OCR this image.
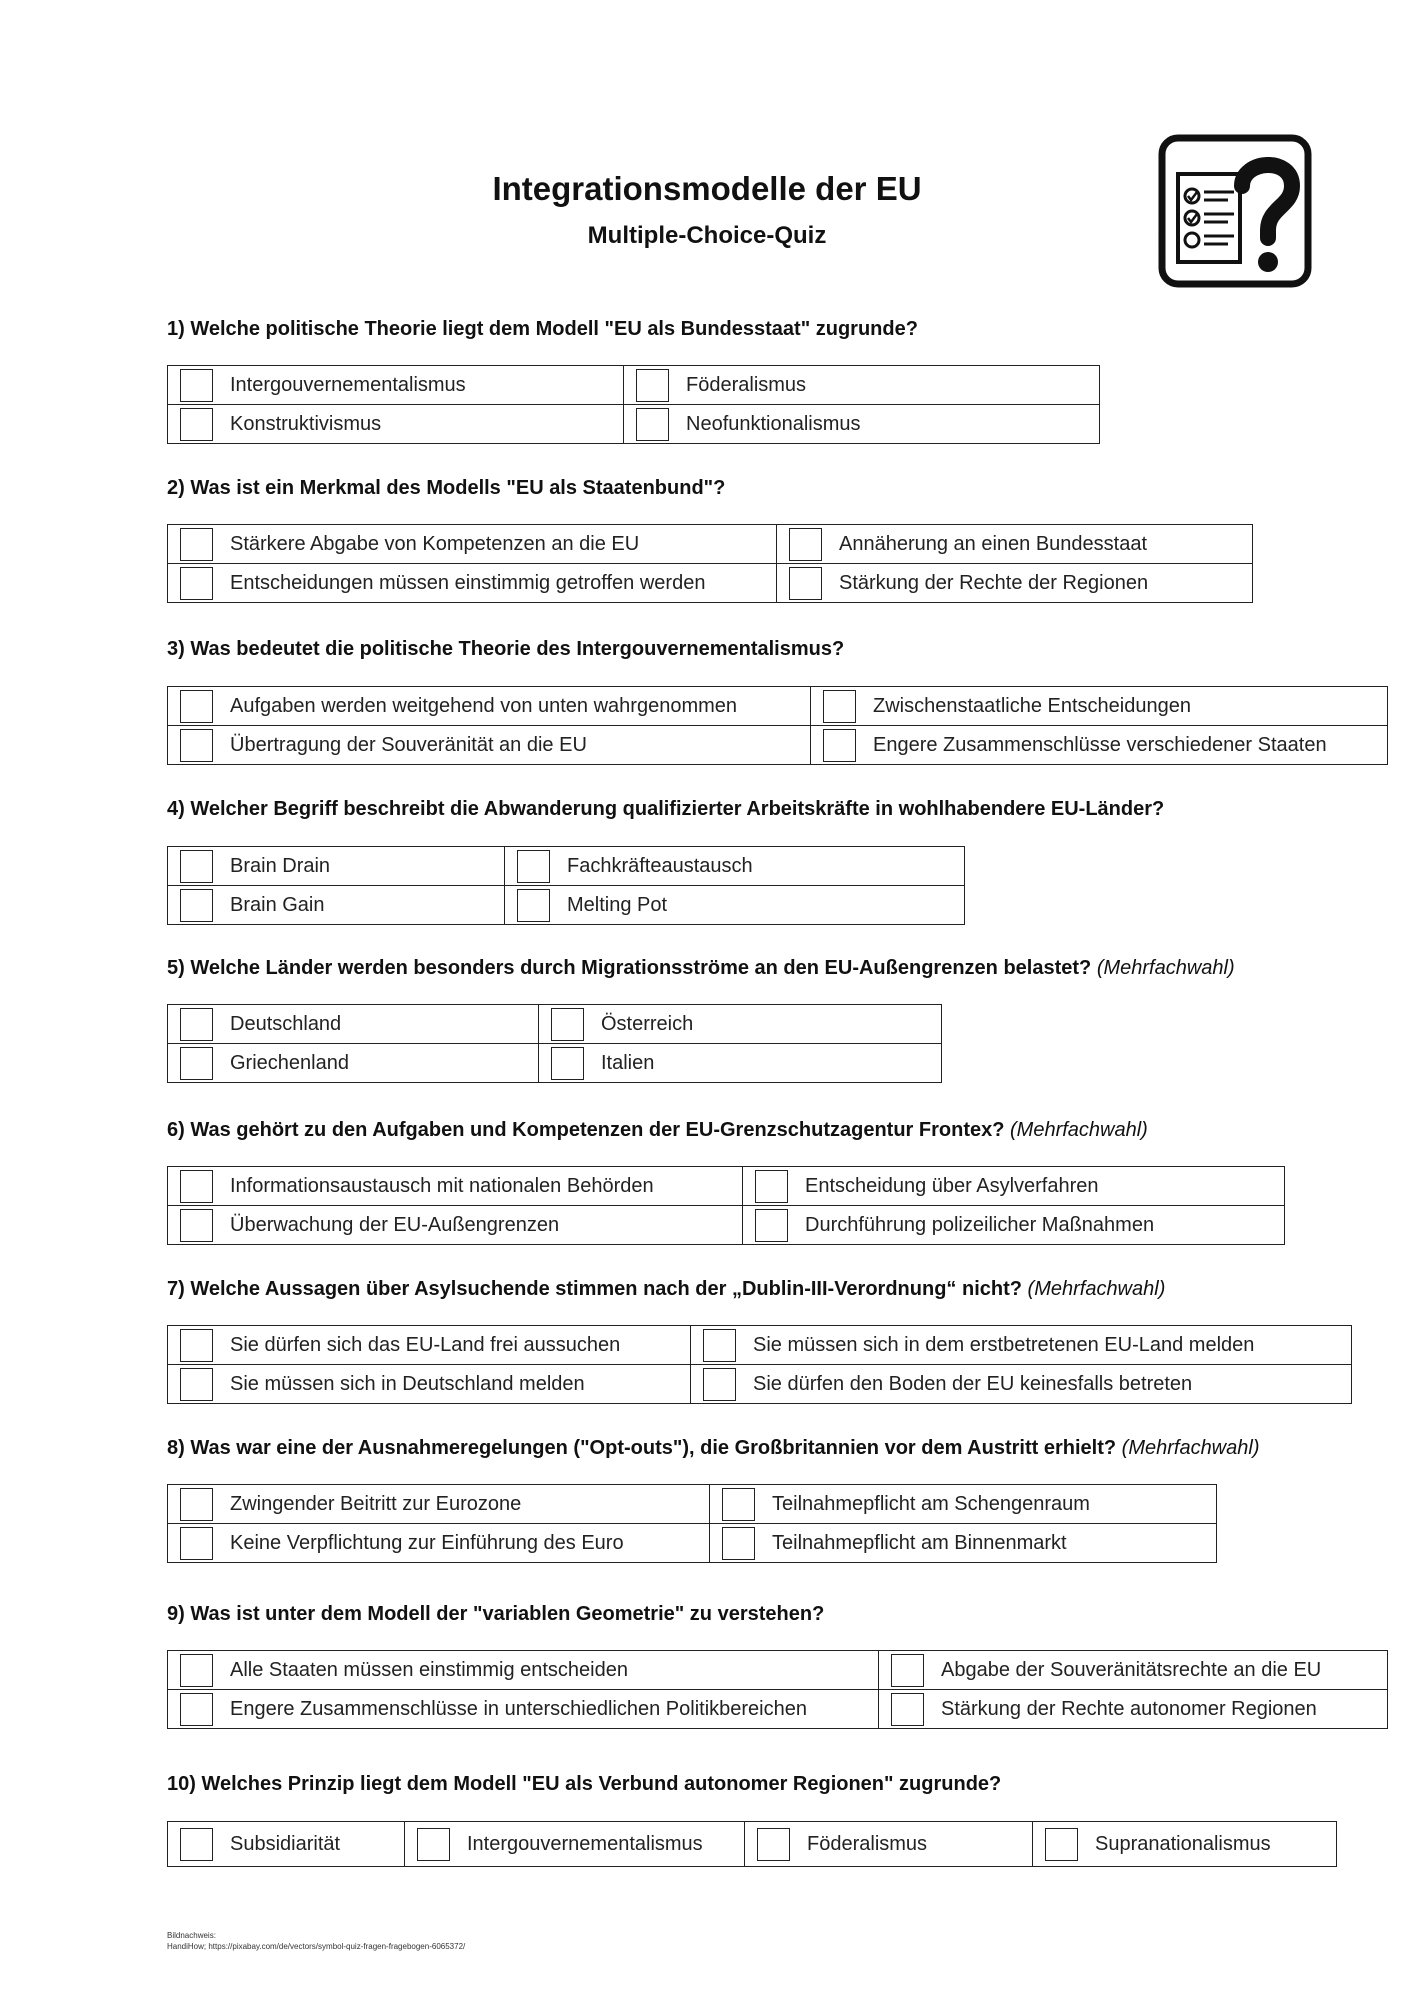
Integrationsmodelle der EU
Multiple-Choice-Quiz
1) Welche politische Theorie liegt dem Modell "EU als Bundesstaat" zugrunde?
Intergouvernementalismus	Föderalismus
Konstruktivismus	Neofunktionalismus
2) Was ist ein Merkmal des Modells "EU als Staatenbund"?
Stärkere Abgabe von Kompetenzen an die EU	Annäherung an einen Bundesstaat
Entscheidungen müssen einstimmig getroffen werden	Stärkung der Rechte der Regionen
3) Was bedeutet die politische Theorie des Intergouvernementalismus?
Aufgaben werden weitgehend von unten wahrgenommen	Zwischenstaatliche Entscheidungen
Übertragung der Souveränität an die EU	Engere Zusammenschlüsse verschiedener Staaten
4) Welcher Begriff beschreibt die Abwanderung qualifizierter Arbeitskräfte in wohlhabendere EU-Länder?
Brain Drain	Fachkräfteaustausch
Brain Gain	Melting Pot
5) Welche Länder werden besonders durch Migrationsströme an den EU-Außengrenzen belastet? (Mehrfachwahl)
Deutschland	Österreich
Griechenland	Italien
6) Was gehört zu den Aufgaben und Kompetenzen der EU-Grenzschutzagentur Frontex? (Mehrfachwahl)
Informationsaustausch mit nationalen Behörden	Entscheidung über Asylverfahren
Überwachung der EU-Außengrenzen	Durchführung polizeilicher Maßnahmen
7) Welche Aussagen über Asylsuchende stimmen nach der „Dublin-III-Verordnung“ nicht? (Mehrfachwahl)
Sie dürfen sich das EU-Land frei aussuchen	Sie müssen sich in dem erstbetretenen EU-Land melden
Sie müssen sich in Deutschland melden	Sie dürfen den Boden der EU keinesfalls betreten
8) Was war eine der Ausnahmeregelungen ("Opt-outs"), die Großbritannien vor dem Austritt erhielt? (Mehrfachwahl)
Zwingender Beitritt zur Eurozone	Teilnahmepflicht am Schengenraum
Keine Verpflichtung zur Einführung des Euro	Teilnahmepflicht am Binnenmarkt
9) Was ist unter dem Modell der "variablen Geometrie" zu verstehen?
Alle Staaten müssen einstimmig entscheiden	Abgabe der Souveränitätsrechte an die EU
Engere Zusammenschlüsse in unterschiedlichen Politikbereichen	Stärkung der Rechte autonomer Regionen
10) Welches Prinzip liegt dem Modell "EU als Verbund autonomer Regionen" zugrunde?
Subsidiarität	Intergouvernementalismus	Föderalismus	Supranationalismus
Bildnachweis:
HandiHow; https://pixabay.com/de/vectors/symbol-quiz-fragen-fragebogen-6065372/
